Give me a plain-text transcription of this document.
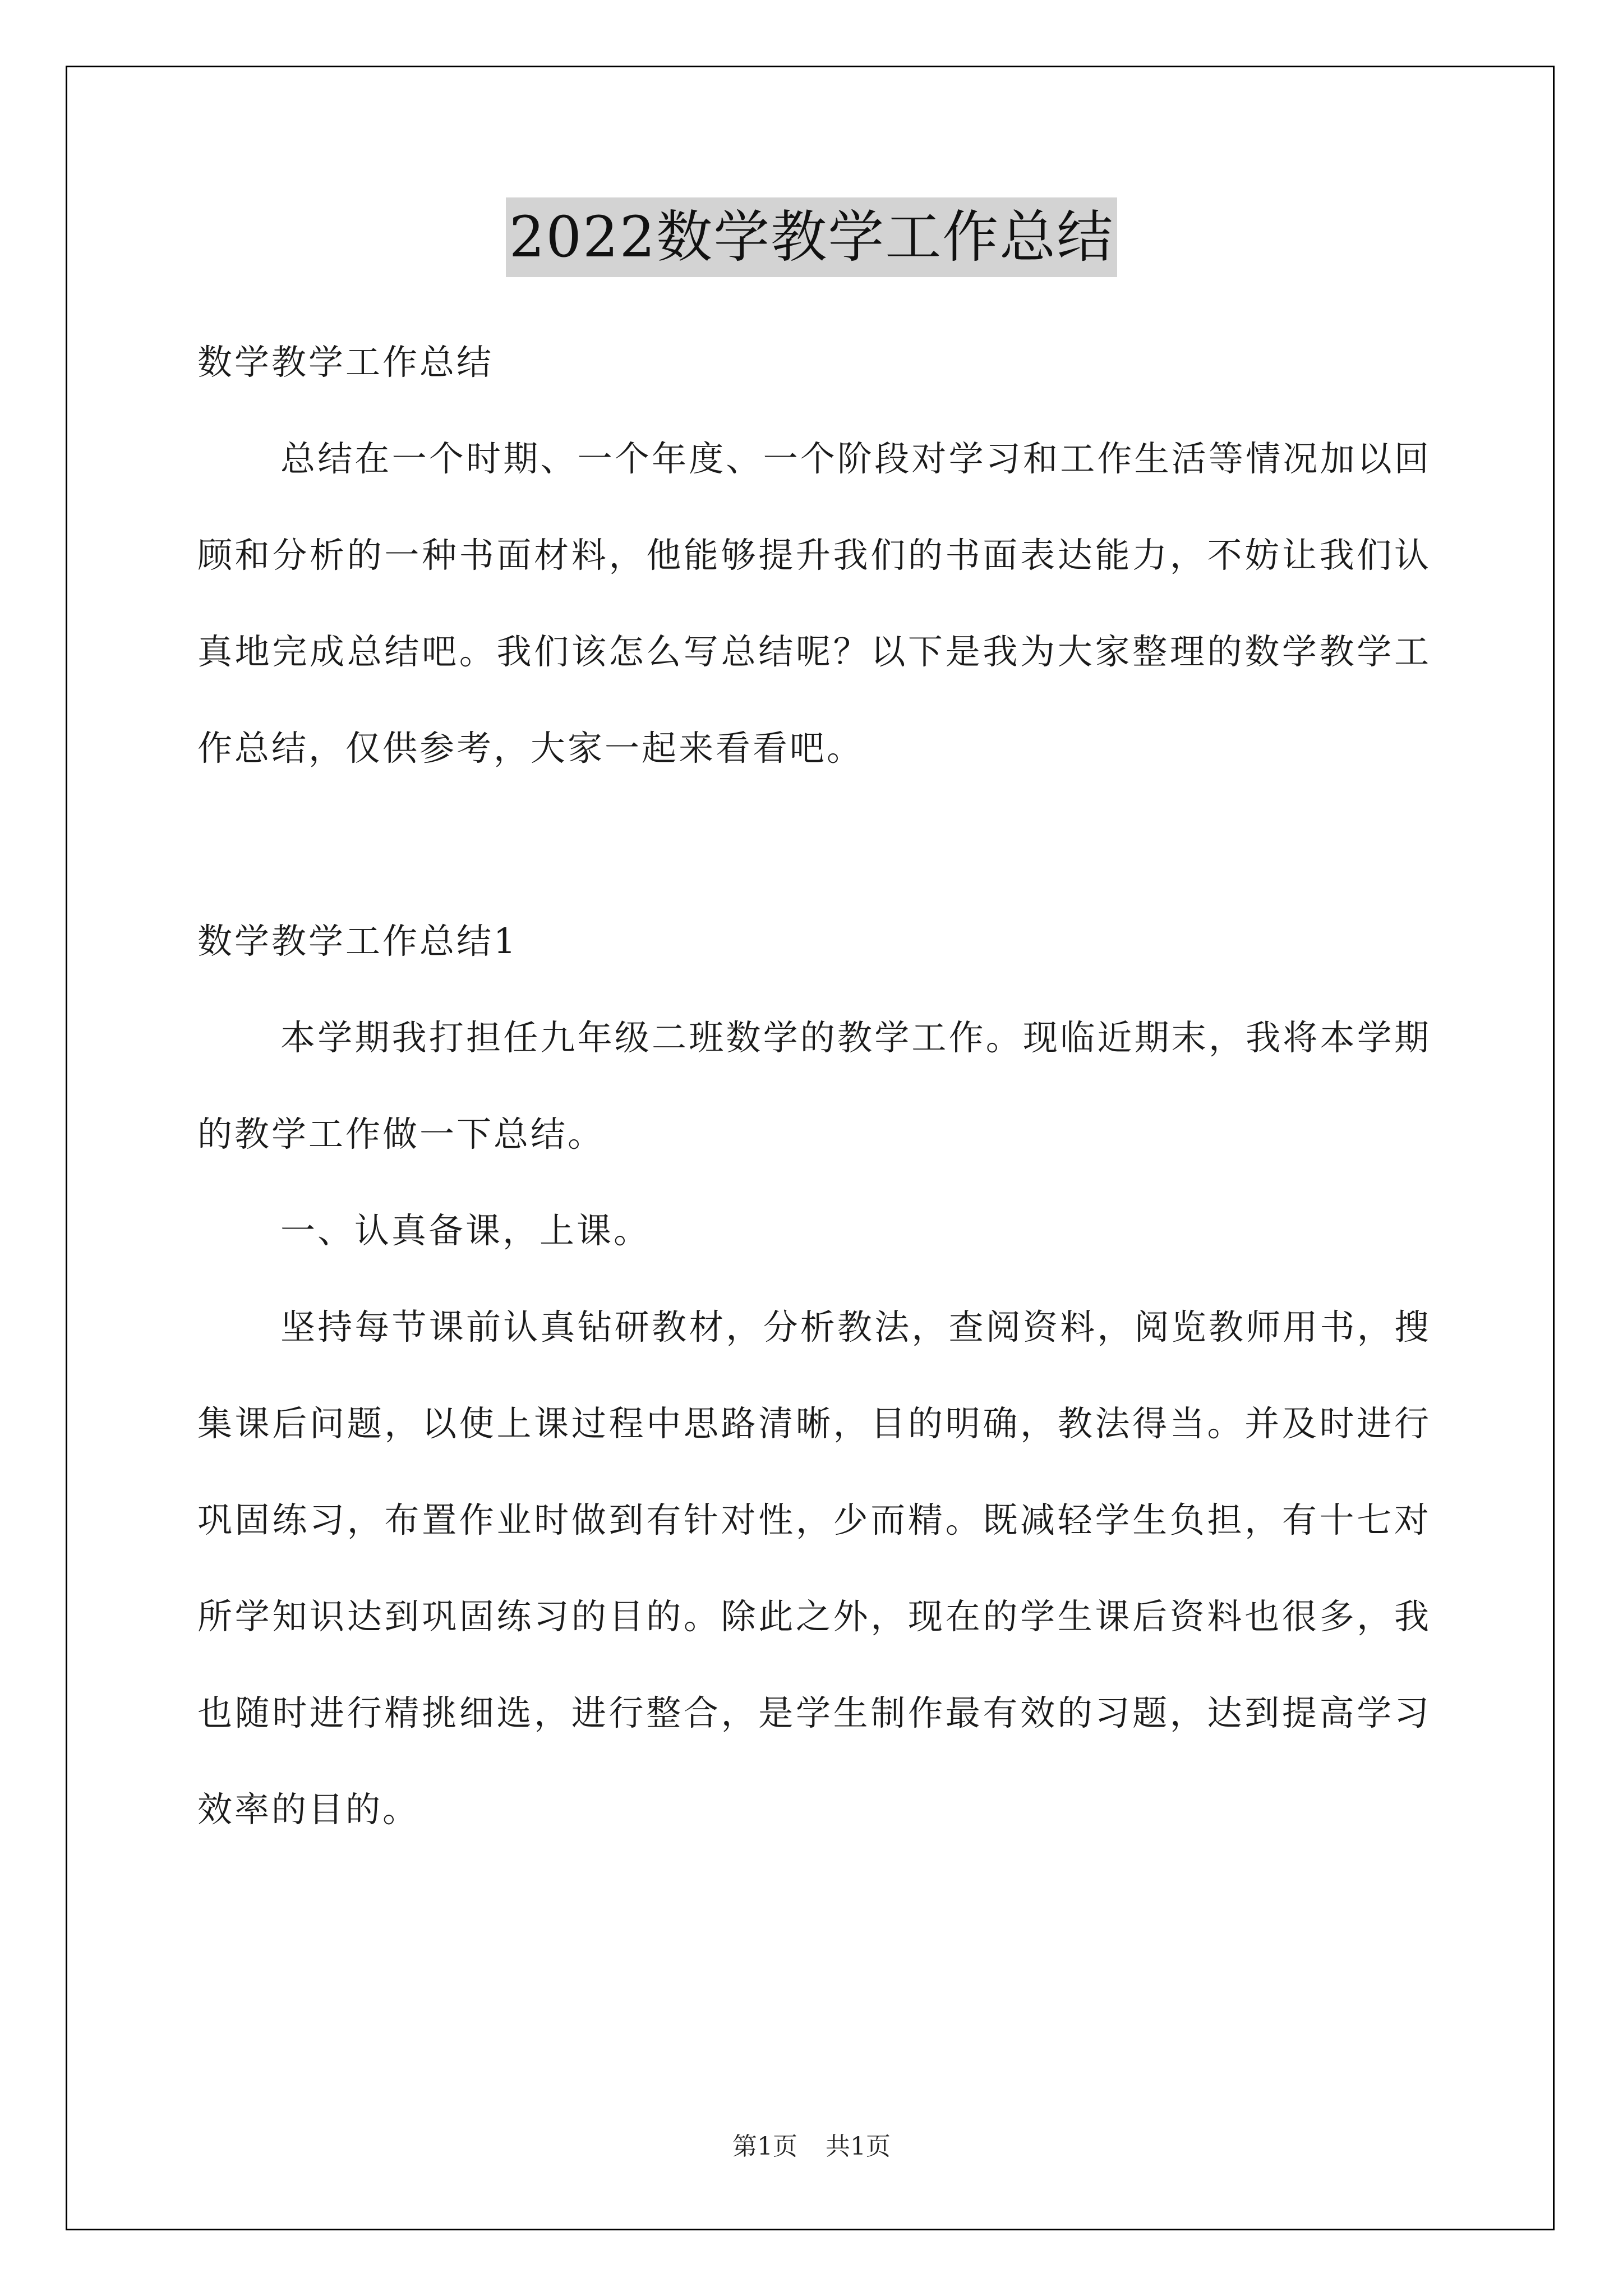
2022数学教学工作总结

数学教学工作总结

总结在一个时期、一个年度、一个阶段对学习和工作生活等情况加以回顾和分析的一种书面材料，他能够提升我们的书面表达能力，不妨让我们认真地完成总结吧。我们该怎么写总结呢？以下是我为大家整理的数学教学工作总结，仅供参考，大家一起来看看吧。

数学教学工作总结1

本学期我打担任九年级二班数学的教学工作。现临近期末，我将本学期的教学工作做一下总结。

一、认真备课，上课。

坚持每节课前认真钻研教材，分析教法，查阅资料，阅览教师用书，搜集课后问题，以使上课过程中思路清晰，目的明确，教法得当。并及时进行巩固练习，布置作业时做到有针对性，少而精。既减轻学生负担，有十七对所学知识达到巩固练习的目的。除此之外，现在的学生课后资料也很多，我也随时进行精挑细选，进行整合，是学生制作最有效的习题，达到提高学习效率的目的。

第1页 共1页
